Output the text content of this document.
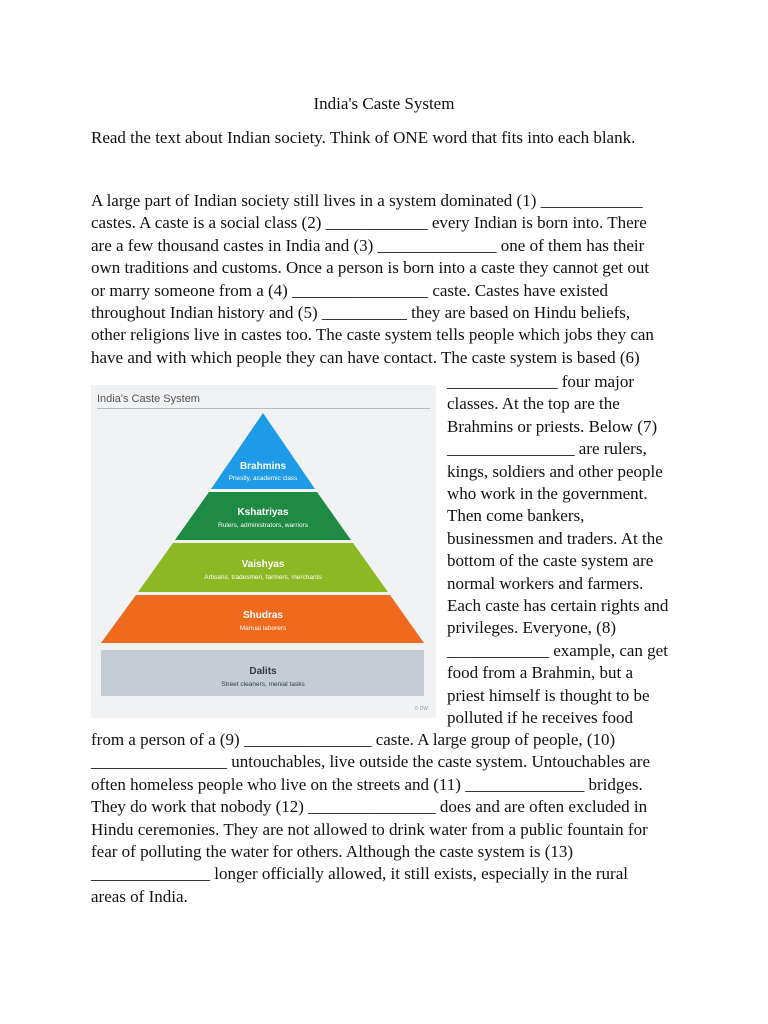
India's Caste System
Read the text about Indian society. Think of ONE word that fits into each blank.
A large part of Indian society still lives in a system dominated (1) ____________
castes. A caste is a social class (2) ____________ every Indian is born into. There
are a few thousand castes in India and (3) ______________ one of them has their
own traditions and customs. Once a person is born into a caste they cannot get out
or marry someone from a (4) ________________ caste. Castes have existed
throughout Indian history and (5) __________ they are based on Hindu beliefs,
other religions live in castes too. The caste system tells people which jobs they can
have and with which people they can have contact. The caste system is based (6)
_____________ four major
classes. At the top are the
Brahmins or priests. Below (7)
_______________ are rulers,
kings, soldiers and other people
who work in the government.
Then come bankers,
businessmen and traders. At the
bottom of the caste system are
normal workers and farmers.
Each caste has certain rights and
privileges. Everyone, (8)
____________ example, can get
food from a Brahmin, but a
priest himself is thought to be
polluted if he receives food
from a person of a (9) _______________ caste. A large group of people, (10)
________________ untouchables, live outside the caste system. Untouchables are
often homeless people who live on the streets and (11) ______________ bridges.
They do work that nobody (12) _______________ does and are often excluded in
Hindu ceremonies. They are not allowed to drink water from a public fountain for
fear of polluting the water for others. Although the caste system is (13)
______________ longer officially allowed, it still exists, especially in the rural
areas of India.
India's Caste System
Brahmins
Priestly, academic class
Kshatriyas
Rulers, administrators, warriors
Vaishyas
Artisans, tradesmen, farmers, merchants
Shudras
Manual laborers
Dalits
Street cleaners, menial tasks
© DW
